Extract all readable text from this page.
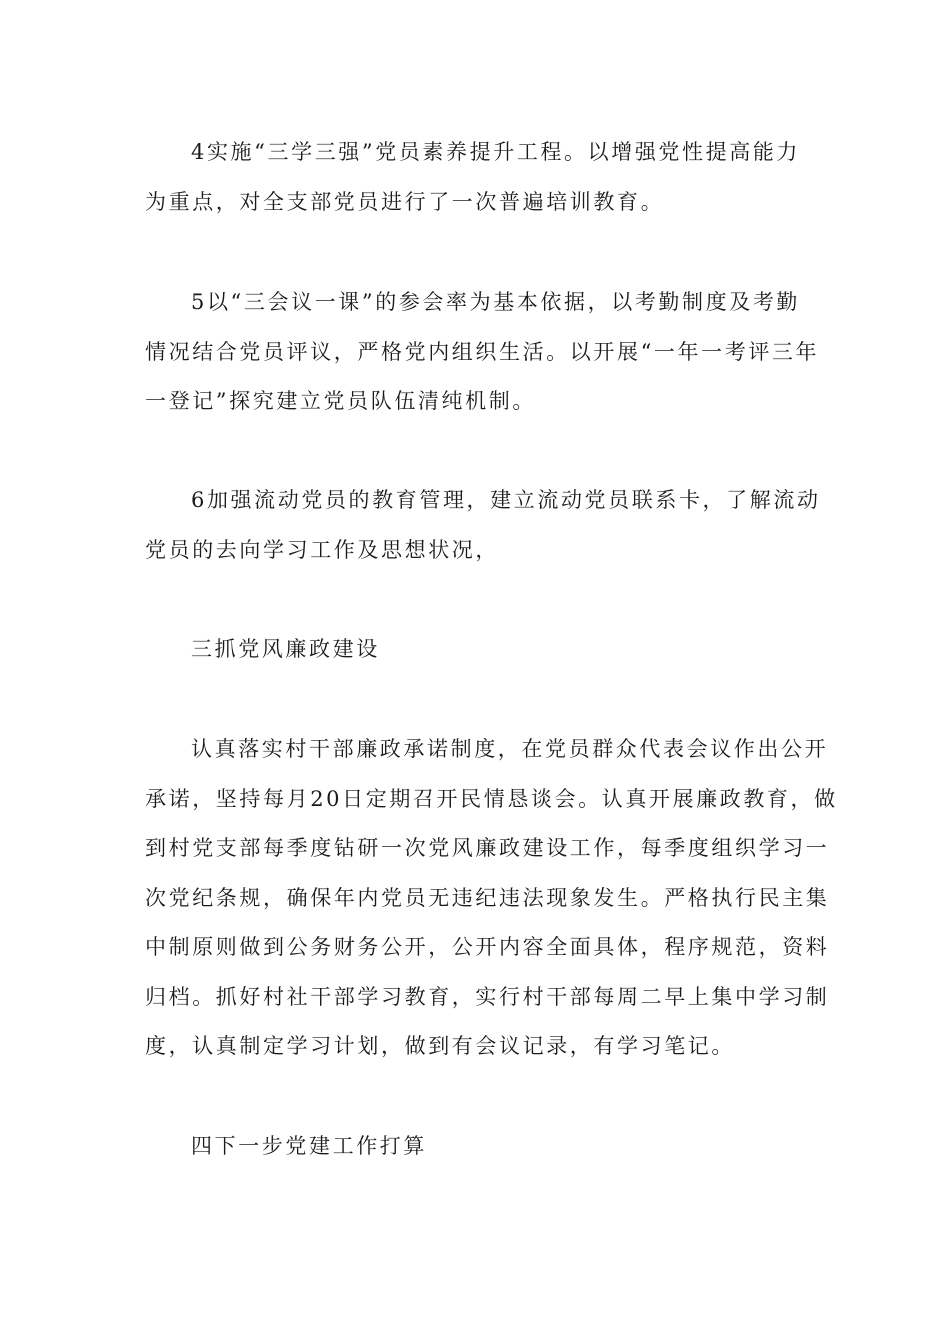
4实施“三学三强”党员素养提升工程。以增强党性提高能力
为重点，对全支部党员进行了一次普遍培训教育。

5以“三会议一课”的参会率为基本依据，以考勤制度及考勤
情况结合党员评议，严格党内组织生活。以开展“一年一考评三年
一登记”探究建立党员队伍清纯机制。

6加强流动党员的教育管理，建立流动党员联系卡，了解流动
党员的去向学习工作及思想状况，

三抓党风廉政建设

认真落实村干部廉政承诺制度，在党员群众代表会议作出公开
承诺，坚持每月20日定期召开民情恳谈会。认真开展廉政教育，做
到村党支部每季度钻研一次党风廉政建设工作，每季度组织学习一
次党纪条规，确保年内党员无违纪违法现象发生。严格执行民主集
中制原则做到公务财务公开，公开内容全面具体，程序规范，资料
归档。抓好村社干部学习教育，实行村干部每周二早上集中学习制
度，认真制定学习计划，做到有会议记录，有学习笔记。

四下一步党建工作打算
